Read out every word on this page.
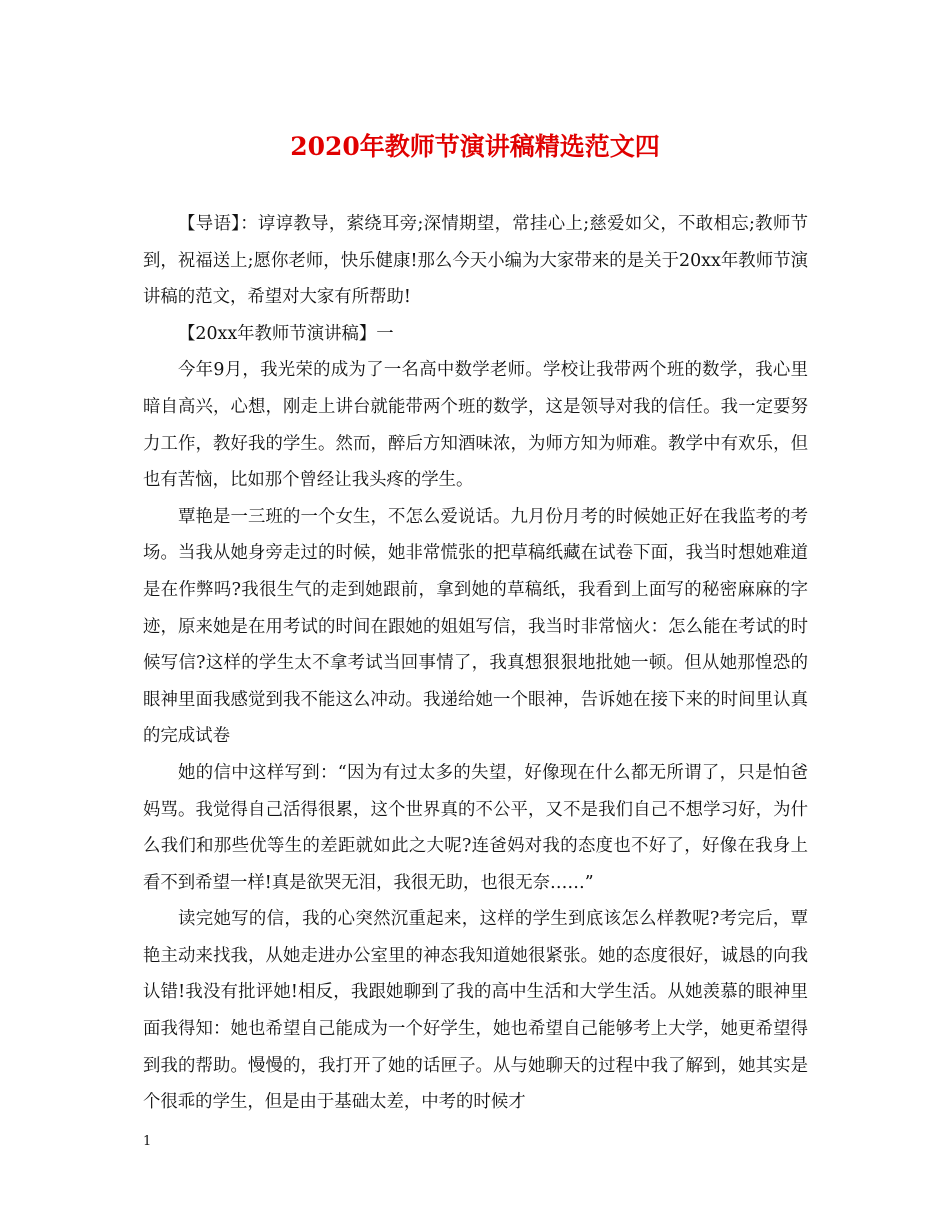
2020年教师节演讲稿精选范文四

【导语】：谆谆教导，萦绕耳旁;深情期望，常挂心上;慈爱如父，不敢相忘;教师节到，祝福送上;愿你老师，快乐健康!那么今天小编为大家带来的是关于20xx年教师节演讲稿的范文，希望对大家有所帮助!

【20xx年教师节演讲稿】一

今年9月，我光荣的成为了一名高中数学老师。学校让我带两个班的数学，我心里暗自高兴，心想，刚走上讲台就能带两个班的数学，这是领导对我的信任。我一定要努力工作，教好我的学生。然而，醉后方知酒味浓，为师方知为师难。教学中有欢乐，但也有苦恼，比如那个曾经让我头疼的学生。

覃艳是一三班的一个女生，不怎么爱说话。九月份月考的时候她正好在我监考的考场。当我从她身旁走过的时候，她非常慌张的把草稿纸藏在试卷下面，我当时想她难道是在作弊吗?我很生气的走到她跟前，拿到她的草稿纸，我看到上面写的秘密麻麻的字迹，原来她是在用考试的时间在跟她的姐姐写信，我当时非常恼火：怎么能在考试的时候写信?这样的学生太不拿考试当回事情了，我真想狠狠地批她一顿。但从她那惶恐的眼神里面我感觉到我不能这么冲动。我递给她一个眼神，告诉她在接下来的时间里认真的完成试卷

她的信中这样写到：“因为有过太多的失望，好像现在什么都无所谓了，只是怕爸妈骂。我觉得自己活得很累，这个世界真的不公平，又不是我们自己不想学习好，为什么我们和那些优等生的差距就如此之大呢?连爸妈对我的态度也不好了，好像在我身上看不到希望一样!真是欲哭无泪，我很无助，也很无奈……”

读完她写的信，我的心突然沉重起来，这样的学生到底该怎么样教呢?考完后，覃艳主动来找我，从她走进办公室里的神态我知道她很紧张。她的态度很好，诚恳的向我认错!我没有批评她!相反，我跟她聊到了我的高中生活和大学生活。从她羡慕的眼神里面我得知：她也希望自己能成为一个好学生，她也希望自己能够考上大学，她更希望得到我的帮助。慢慢的，我打开了她的话匣子。从与她聊天的过程中我了解到，她其实是个很乖的学生，但是由于基础太差，中考的时候才

1
